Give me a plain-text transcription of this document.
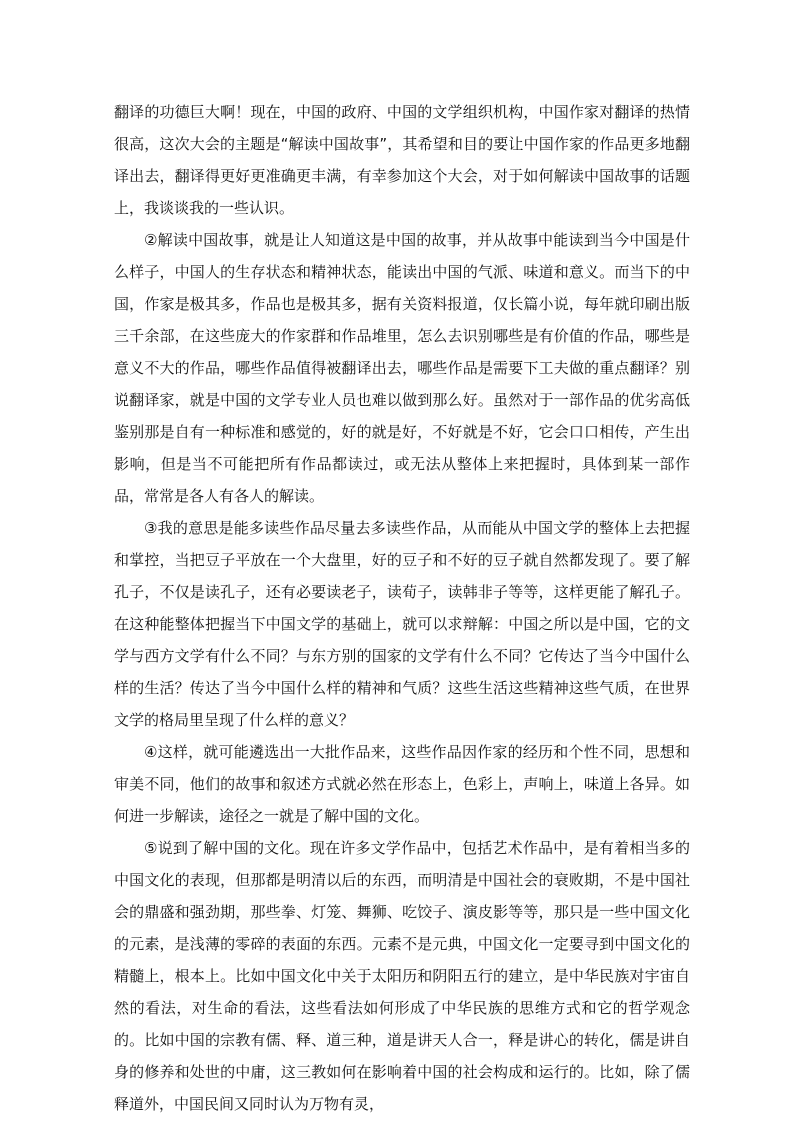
翻译的功德巨大啊！现在，中国的政府、中国的文学组织机构，中国作家对翻译的热情很高，这次大会的主题是“解读中国故事”，其希望和目的要让中国作家的作品更多地翻译出去，翻译得更好更准确更丰满，有幸参加这个大会，对于如何解读中国故事的话题上，我谈谈我的一些认识。

②解读中国故事，就是让人知道这是中国的故事，并从故事中能读到当今中国是什么样子，中国人的生存状态和精神状态，能读出中国的气派、味道和意义。而当下的中国，作家是极其多，作品也是极其多，据有关资料报道，仅长篇小说，每年就印刷出版三千余部，在这些庞大的作家群和作品堆里，怎么去识别哪些是有价值的作品，哪些是意义不大的作品，哪些作品值得被翻译出去，哪些作品是需要下工夫做的重点翻译？别说翻译家，就是中国的文学专业人员也难以做到那么好。虽然对于一部作品的优劣高低鉴别那是自有一种标准和感觉的，好的就是好，不好就是不好，它会口口相传，产生出影响，但是当不可能把所有作品都读过，或无法从整体上来把握时，具体到某一部作品，常常是各人有各人的解读。

③我的意思是能多读些作品尽量去多读些作品，从而能从中国文学的整体上去把握和掌控，当把豆子平放在一个大盘里，好的豆子和不好的豆子就自然都发现了。要了解孔子，不仅是读孔子，还有必要读老子，读荀子，读韩非子等等，这样更能了解孔子。在这种能整体把握当下中国文学的基础上，就可以求辩解：中国之所以是中国，它的文学与西方文学有什么不同？与东方别的国家的文学有什么不同？它传达了当今中国什么样的生活？传达了当今中国什么样的精神和气质？这些生活这些精神这些气质，在世界文学的格局里呈现了什么样的意义？

④这样，就可能遴选出一大批作品来，这些作品因作家的经历和个性不同，思想和审美不同，他们的故事和叙述方式就必然在形态上，色彩上，声响上，味道上各异。如何进一步解读，途径之一就是了解中国的文化。

⑤说到了解中国的文化。现在许多文学作品中，包括艺术作品中，是有着相当多的中国文化的表现，但那都是明清以后的东西，而明清是中国社会的衰败期，不是中国社会的鼎盛和强劲期，那些拳、灯笼、舞狮、吃饺子、演皮影等等，那只是一些中国文化的元素，是浅薄的零碎的表面的东西。元素不是元典，中国文化一定要寻到中国文化的精髓上，根本上。比如中国文化中关于太阳历和阴阳五行的建立，是中华民族对宇宙自然的看法，对生命的看法，这些看法如何形成了中华民族的思维方式和它的哲学观念的。比如中国的宗教有儒、释、道三种，道是讲天人合一，释是讲心的转化，儒是讲自身的修养和处世的中庸，这三教如何在影响着中国的社会构成和运行的。比如，除了儒释道外，中国民间又同时认为万物有灵，
